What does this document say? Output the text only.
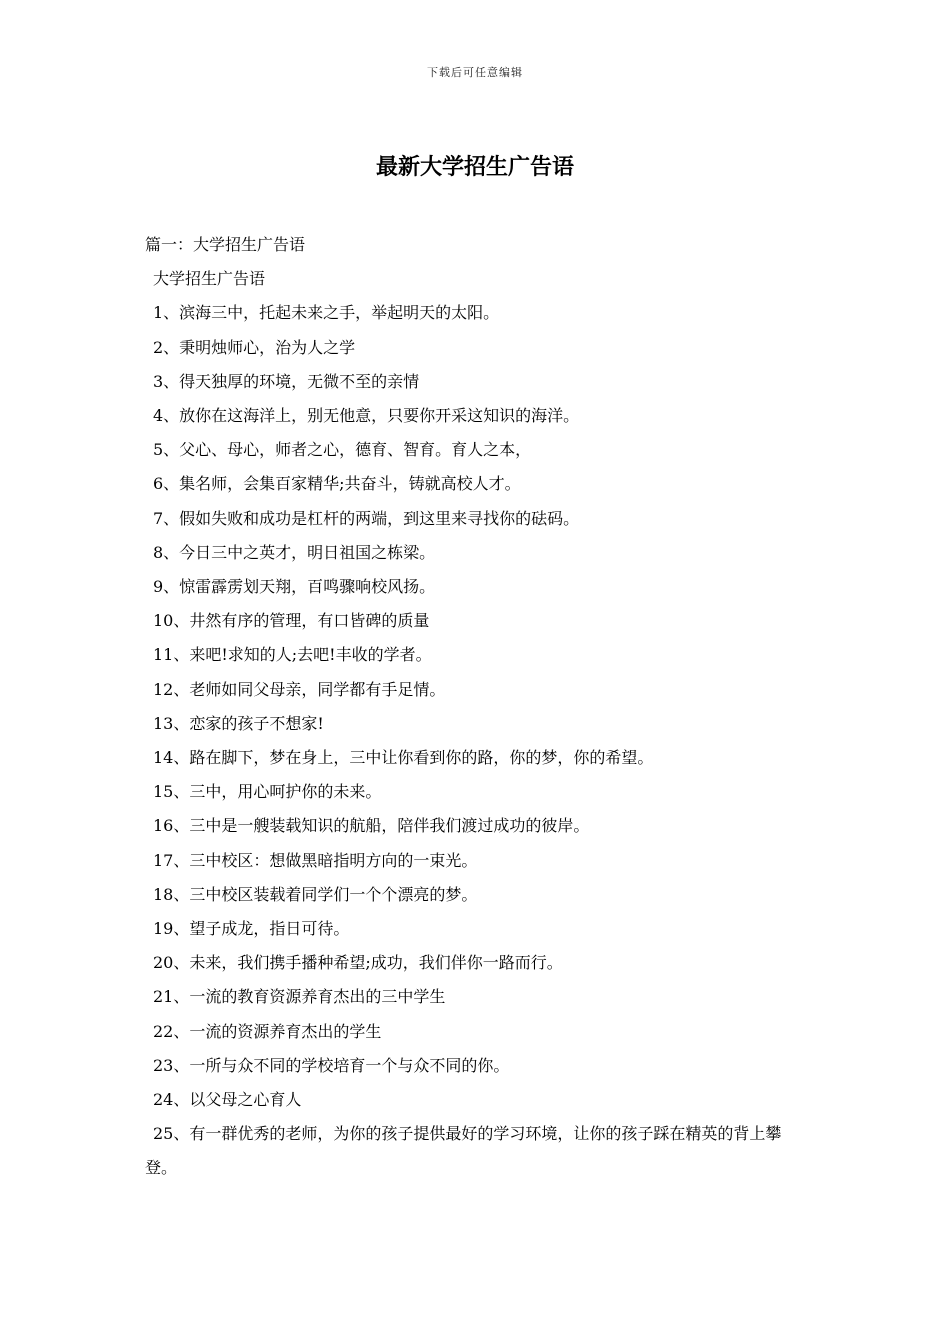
下载后可任意编辑
最新大学招生广告语
篇一：大学招生广告语
大学招生广告语
1、滨海三中，托起未来之手，举起明天的太阳。
2、秉明烛师心，治为人之学
3、得天独厚的环境，无微不至的亲情
4、放你在这海洋上，别无他意，只要你开采这知识的海洋。
5、父心、母心，师者之心，德育、智育。育人之本，
6、集名师，会集百家精华;共奋斗，铸就高校人才。
7、假如失败和成功是杠杆的两端，到这里来寻找你的砝码。
8、今日三中之英才，明日祖国之栋梁。
9、惊雷霹雳划天翔，百鸣骤响校风扬。
10、井然有序的管理，有口皆碑的质量
11、来吧!求知的人;去吧!丰收的学者。
12、老师如同父母亲，同学都有手足情。
13、恋家的孩子不想家!
14、路在脚下，梦在身上，三中让你看到你的路，你的梦，你的希望。
15、三中，用心呵护你的未来。
16、三中是一艘装载知识的航船，陪伴我们渡过成功的彼岸。
17、三中校区：想做黑暗指明方向的一束光。
18、三中校区装载着同学们一个个漂亮的梦。
19、望子成龙，指日可待。
20、未来，我们携手播种希望;成功，我们伴你一路而行。
21、一流的教育资源养育杰出的三中学生
22、一流的资源养育杰出的学生
23、一所与众不同的学校培育一个与众不同的你。
24、以父母之心育人
25、有一群优秀的老师，为你的孩子提供最好的学习环境，让你的孩子踩在精英的背上攀登。
